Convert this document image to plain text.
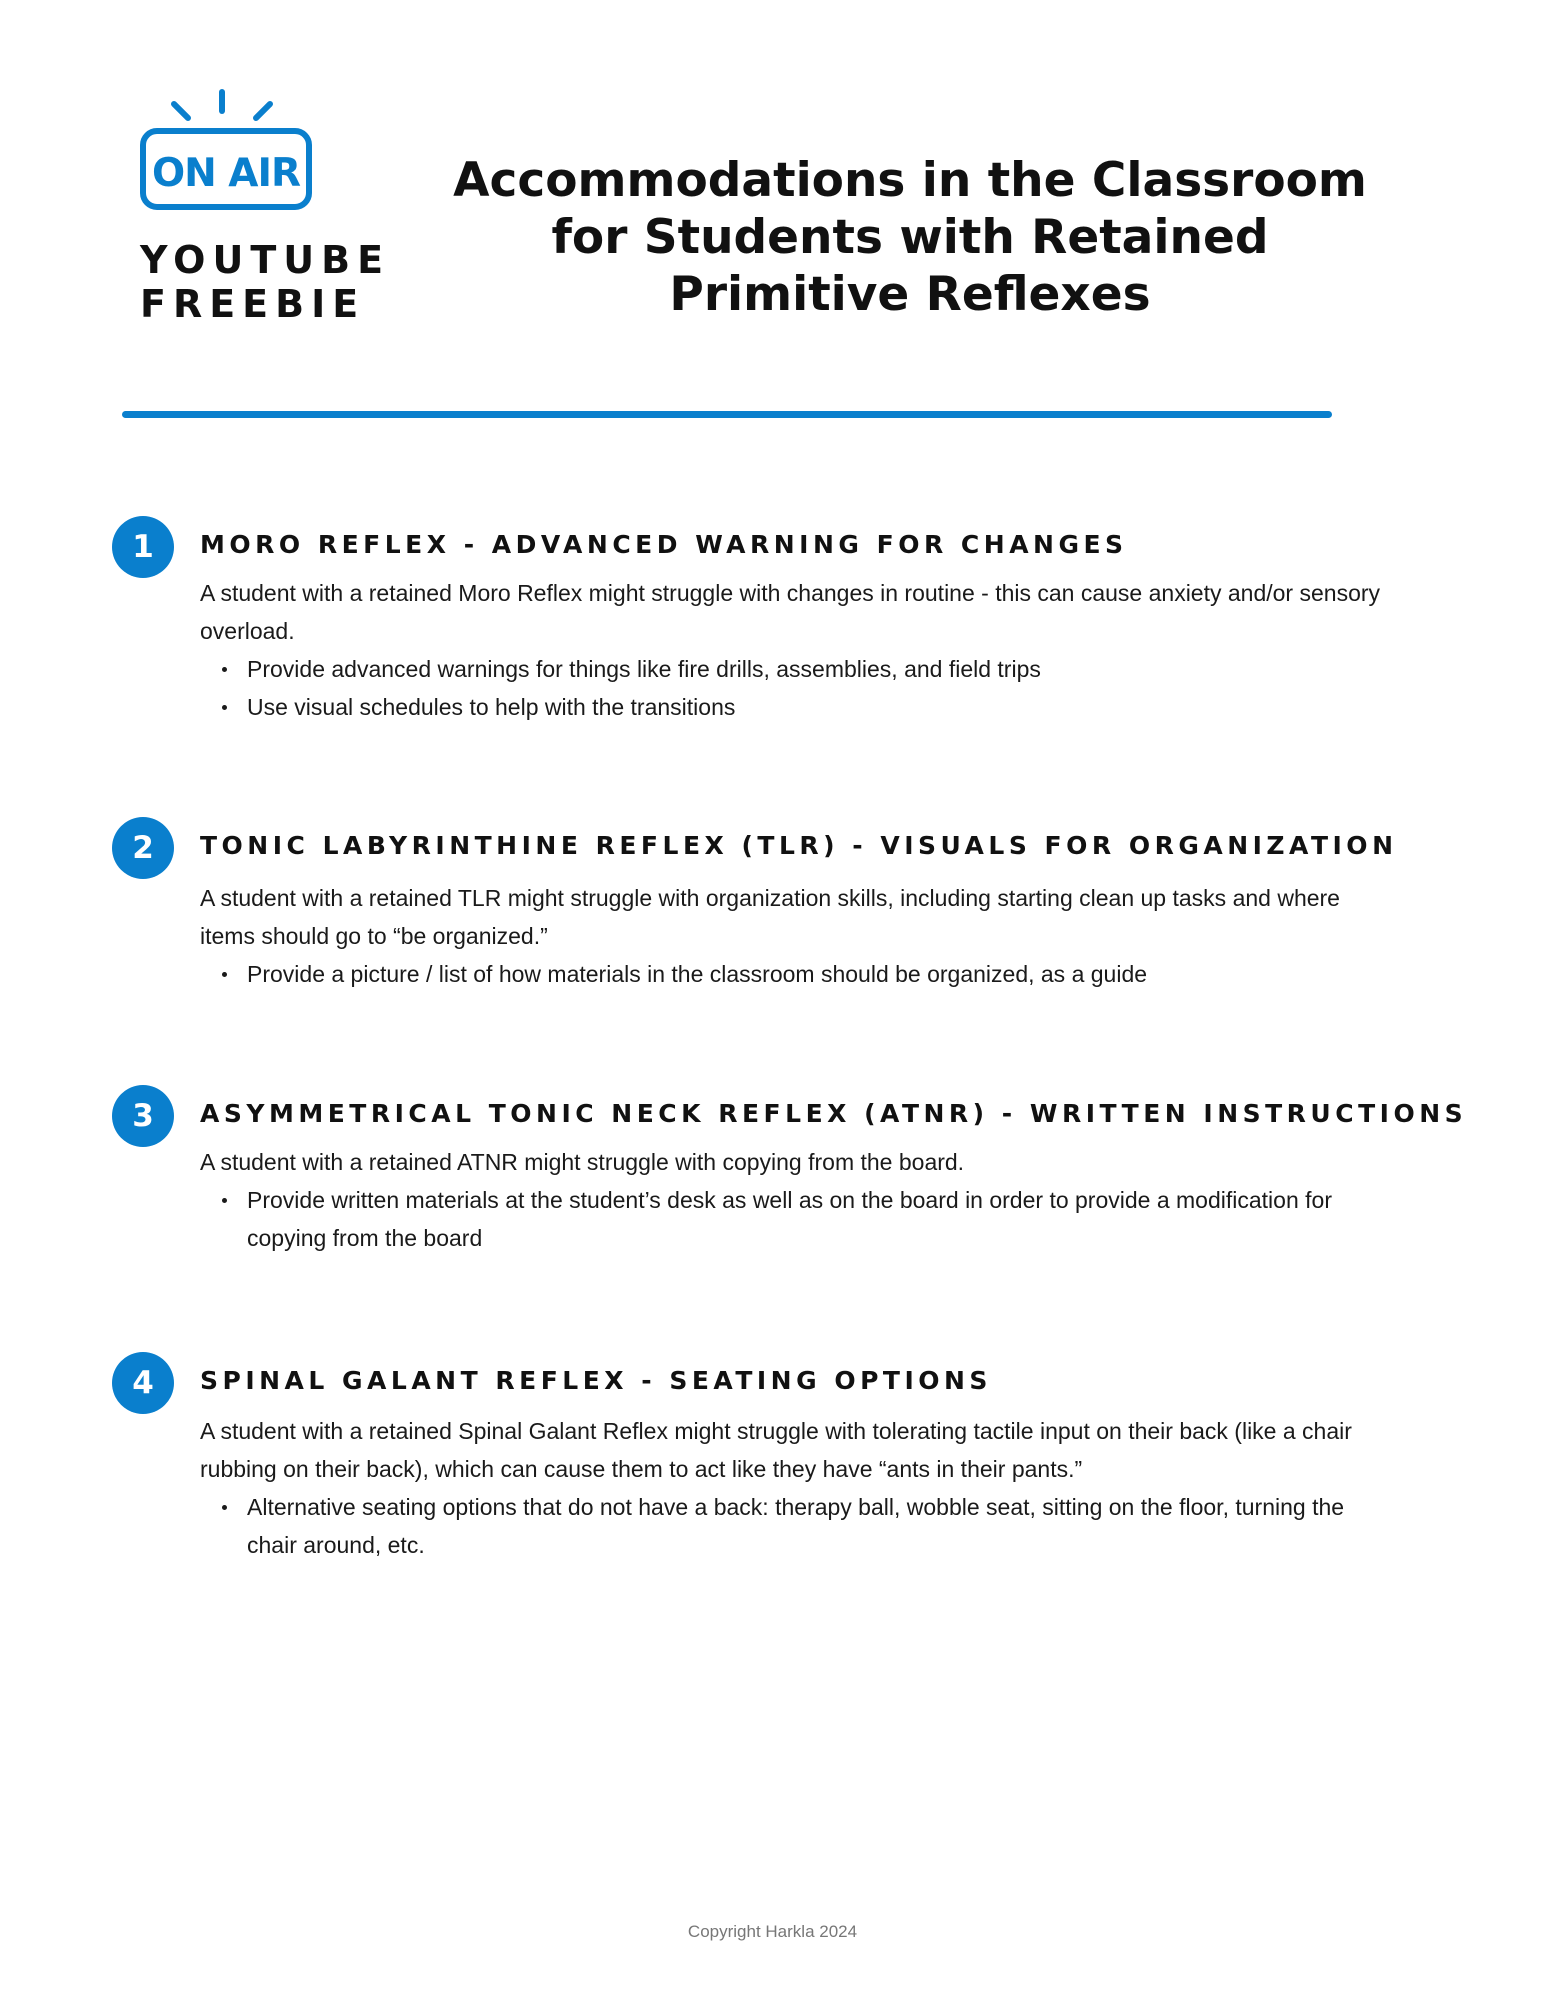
ON AIR
YOUTUBE
FREEBIE
Accommodations in the Classroom
for Students with Retained
Primitive Reflexes
1	MORO REFLEX - ADVANCED WARNING FOR CHANGES

A student with a retained Moro Reflex might struggle with changes in routine - this can cause anxiety and/or sensory overload.

Provide advanced warnings for things like fire drills, assemblies, and field trips
Use visual schedules to help with the transitions
2	TONIC LABYRINTHINE REFLEX (TLR) - VISUALS FOR ORGANIZATION

A student with a retained TLR might struggle with organization skills, including starting clean up tasks and where items should go to “be organized.”

Provide a picture / list of how materials in the classroom should be organized, as a guide
3	ASYMMETRICAL TONIC NECK REFLEX (ATNR) - WRITTEN INSTRUCTIONS

A student with a retained ATNR might struggle with copying from the board.

Provide written materials at the student’s desk as well as on the board in order to provide a modification for copying from the board
4	SPINAL GALANT REFLEX - SEATING OPTIONS

A student with a retained Spinal Galant Reflex might struggle with tolerating tactile input on their back (like a chair rubbing on their back), which can cause them to act like they have “ants in their pants.”

Alternative seating options that do not have a back: therapy ball, wobble seat, sitting on the floor, turning the chair around, etc.
Copyright Harkla 2024
